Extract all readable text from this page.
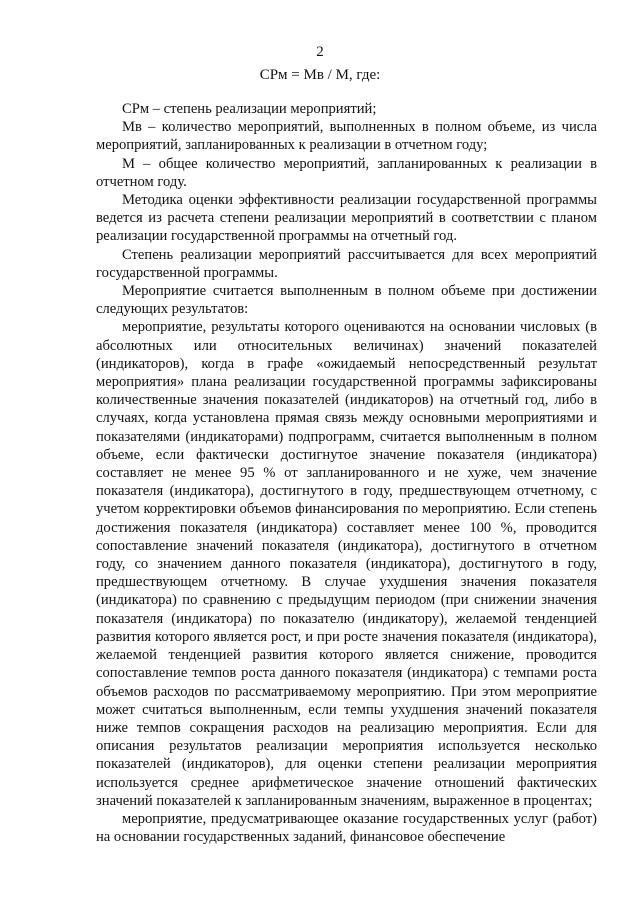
2
СРм = Мв / М, где:

СРм – степень реализации мероприятий;

Мв – количество мероприятий, выполненных в полном объеме, из числа мероприятий, запланированных к реализации в отчетном году;

М – общее количество мероприятий, запланированных к реализации в отчетном году.

Методика оценки эффективности реализации государственной программы ведется из расчета степени реализации мероприятий в соответствии с планом реализации государственной программы на отчетный год.

Степень реализации мероприятий рассчитывается для всех мероприятий государственной программы.

Мероприятие считается выполненным в полном объеме при достижении следующих результатов:

мероприятие, результаты которого оцениваются на основании числовых (в абсолютных или относительных величинах) значений показателей (индикаторов), когда в графе «ожидаемый непосредственный результат мероприятия» плана реализации государственной программы зафиксированы количественные значения показателей (индикаторов) на отчетный год, либо в случаях, когда установлена прямая связь между основными мероприятиями и показателями (индикаторами) подпрограмм, считается выполненным в полном объеме, если фактически достигнутое значение показателя (индикатора) составляет не менее 95 % от запланированного и не хуже, чем значение показателя (индикатора), достигнутого в году, предшествующем отчетному, с учетом корректировки объемов финансирования по мероприятию. Если степень достижения показателя (индикатора) составляет менее 100 %, проводится сопоставление значений показателя (индикатора), достигнутого в отчетном году, со значением данного показателя (индикатора), достигнутого в году, предшествующем отчетному. В случае ухудшения значения показателя (индикатора) по сравнению с предыдущим периодом (при снижении значения показателя (индикатора) по показателю (индикатору), желаемой тенденцией развития которого является рост, и при росте значения показателя (индикатора), желаемой тенденцией развития которого является снижение, проводится сопоставление темпов роста данного показателя (индикатора) с темпами роста объемов расходов по рассматриваемому мероприятию. При этом мероприятие может считаться выполненным, если темпы ухудшения значений показателя ниже темпов сокращения расходов на реализацию мероприятия. Если для описания результатов реализации мероприятия используется несколько показателей (индикаторов), для оценки степени реализации мероприятия используется среднее арифметическое значение отношений фактических значений показателей к запланированным значениям, выраженное в процентах;

мероприятие, предусматривающее оказание государственных услуг (работ) на основании государственных заданий, финансовое обеспечение
